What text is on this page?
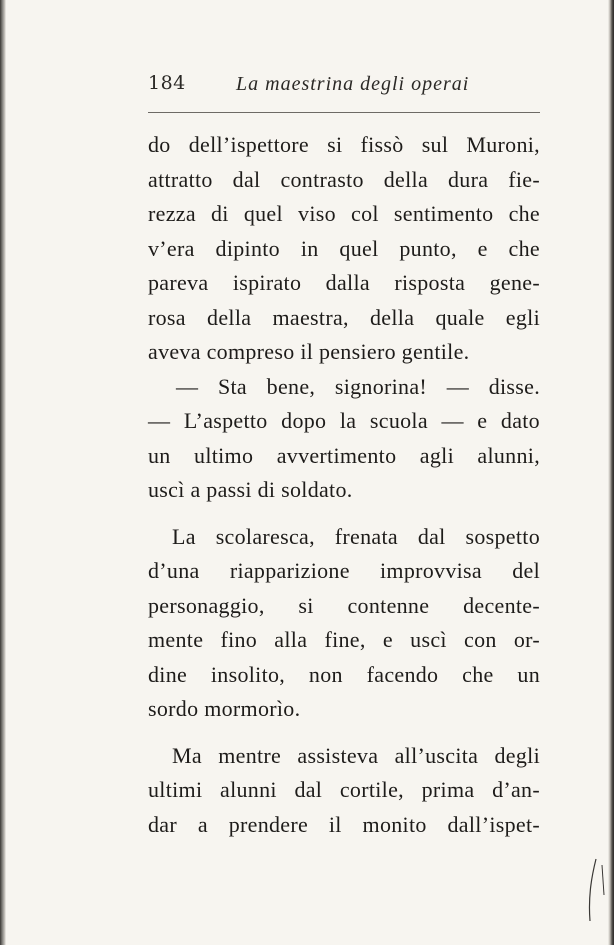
184	La maestrina degli operai
do dell’ispettore si fissò sul Muroni,
attratto dal contrasto della dura fie-
rezza di quel viso col sentimento che
v’era dipinto in quel punto, e che
pareva ispirato dalla risposta gene-
rosa della maestra, della quale egli
aveva compreso il pensiero gentile.
— Sta bene, signorina! — disse.
— L’aspetto dopo la scuola — e dato
un ultimo avvertimento agli alunni,
uscì a passi di soldato.
La scolaresca, frenata dal sospetto
d’una riapparizione improvvisa del
personaggio, si contenne decente-
mente fino alla fine, e uscì con or-
dine insolito, non facendo che un
sordo mormorìo.
Ma mentre assisteva all’uscita degli
ultimi alunni dal cortile, prima d’an-
dar a prendere il monito dall’ispet-
